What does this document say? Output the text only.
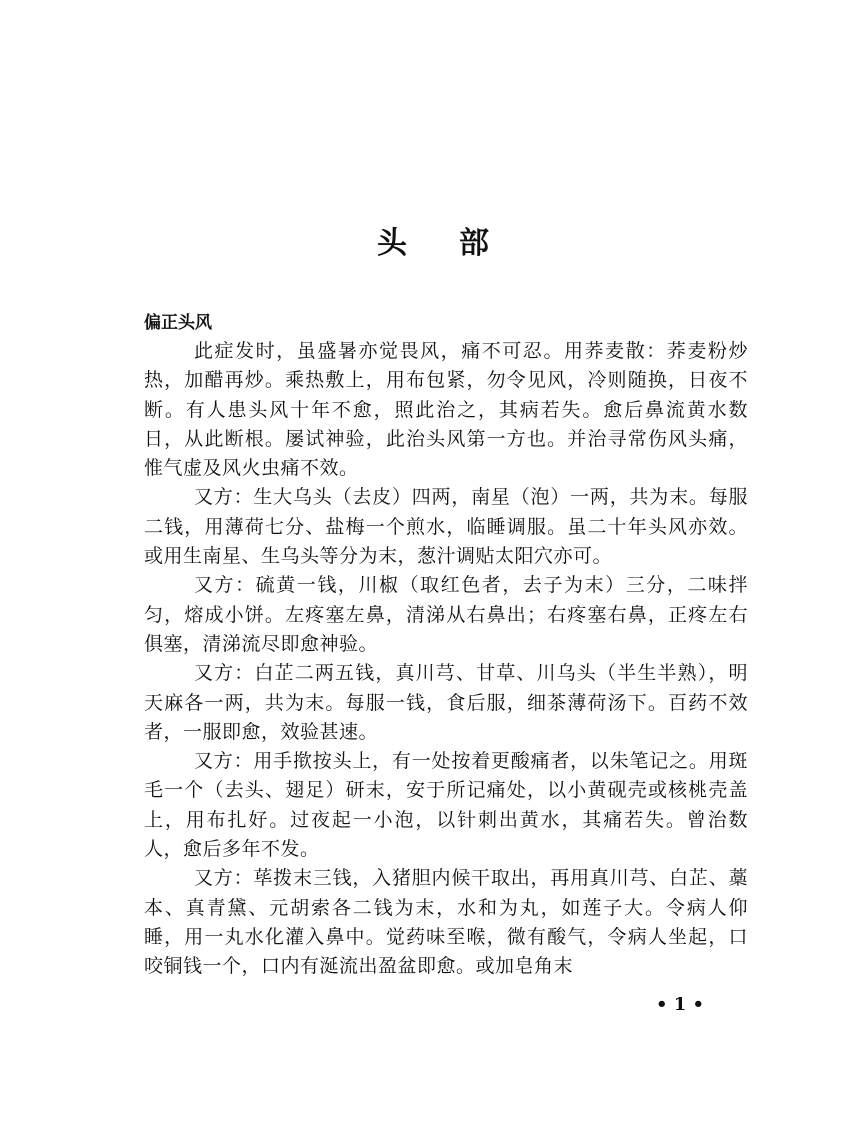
头 部
偏正头风

此症发时，虽盛暑亦觉畏风，痛不可忍。用荞麦散：荞麦粉炒热，加醋再炒。乘热敷上，用布包紧，勿令见风，冷则随换，日夜不断。有人患头风十年不愈，照此治之，其病若失。愈后鼻流黄水数日，从此断根。屡试神验，此治头风第一方也。并治寻常伤风头痛，惟气虚及风火虫痛不效。

又方：生大乌头（去皮）四两，南星（泡）一两，共为末。每服二钱，用薄荷七分、盐梅一个煎水，临睡调服。虽二十年头风亦效。或用生南星、生乌头等分为末，葱汁调贴太阳穴亦可。

又方：硫黄一钱，川椒（取红色者，去子为末）三分，二味拌匀，熔成小饼。左疼塞左鼻，清涕从右鼻出；右疼塞右鼻，正疼左右俱塞，清涕流尽即愈神验。

又方：白芷二两五钱，真川芎、甘草、川乌头（半生半熟），明天麻各一两，共为末。每服一钱，食后服，细茶薄荷汤下。百药不效者，一服即愈，效验甚速。

又方：用手揿按头上，有一处按着更酸痛者，以朱笔记之。用斑毛一个（去头、翅足）研末，安于所记痛处，以小黄砚壳或核桃壳盖上，用布扎好。过夜起一小泡，以针刺出黄水，其痛若失。曾治数人，愈后多年不发。

又方：荜拨末三钱，入猪胆内候干取出，再用真川芎、白芷、藁本、真青黛、元胡索各二钱为末，水和为丸，如莲子大。令病人仰睡，用一丸水化灌入鼻中。觉药味至喉，微有酸气，令病人坐起，口咬铜钱一个，口内有涎流出盈盆即愈。或加皂角末

• 1 •
